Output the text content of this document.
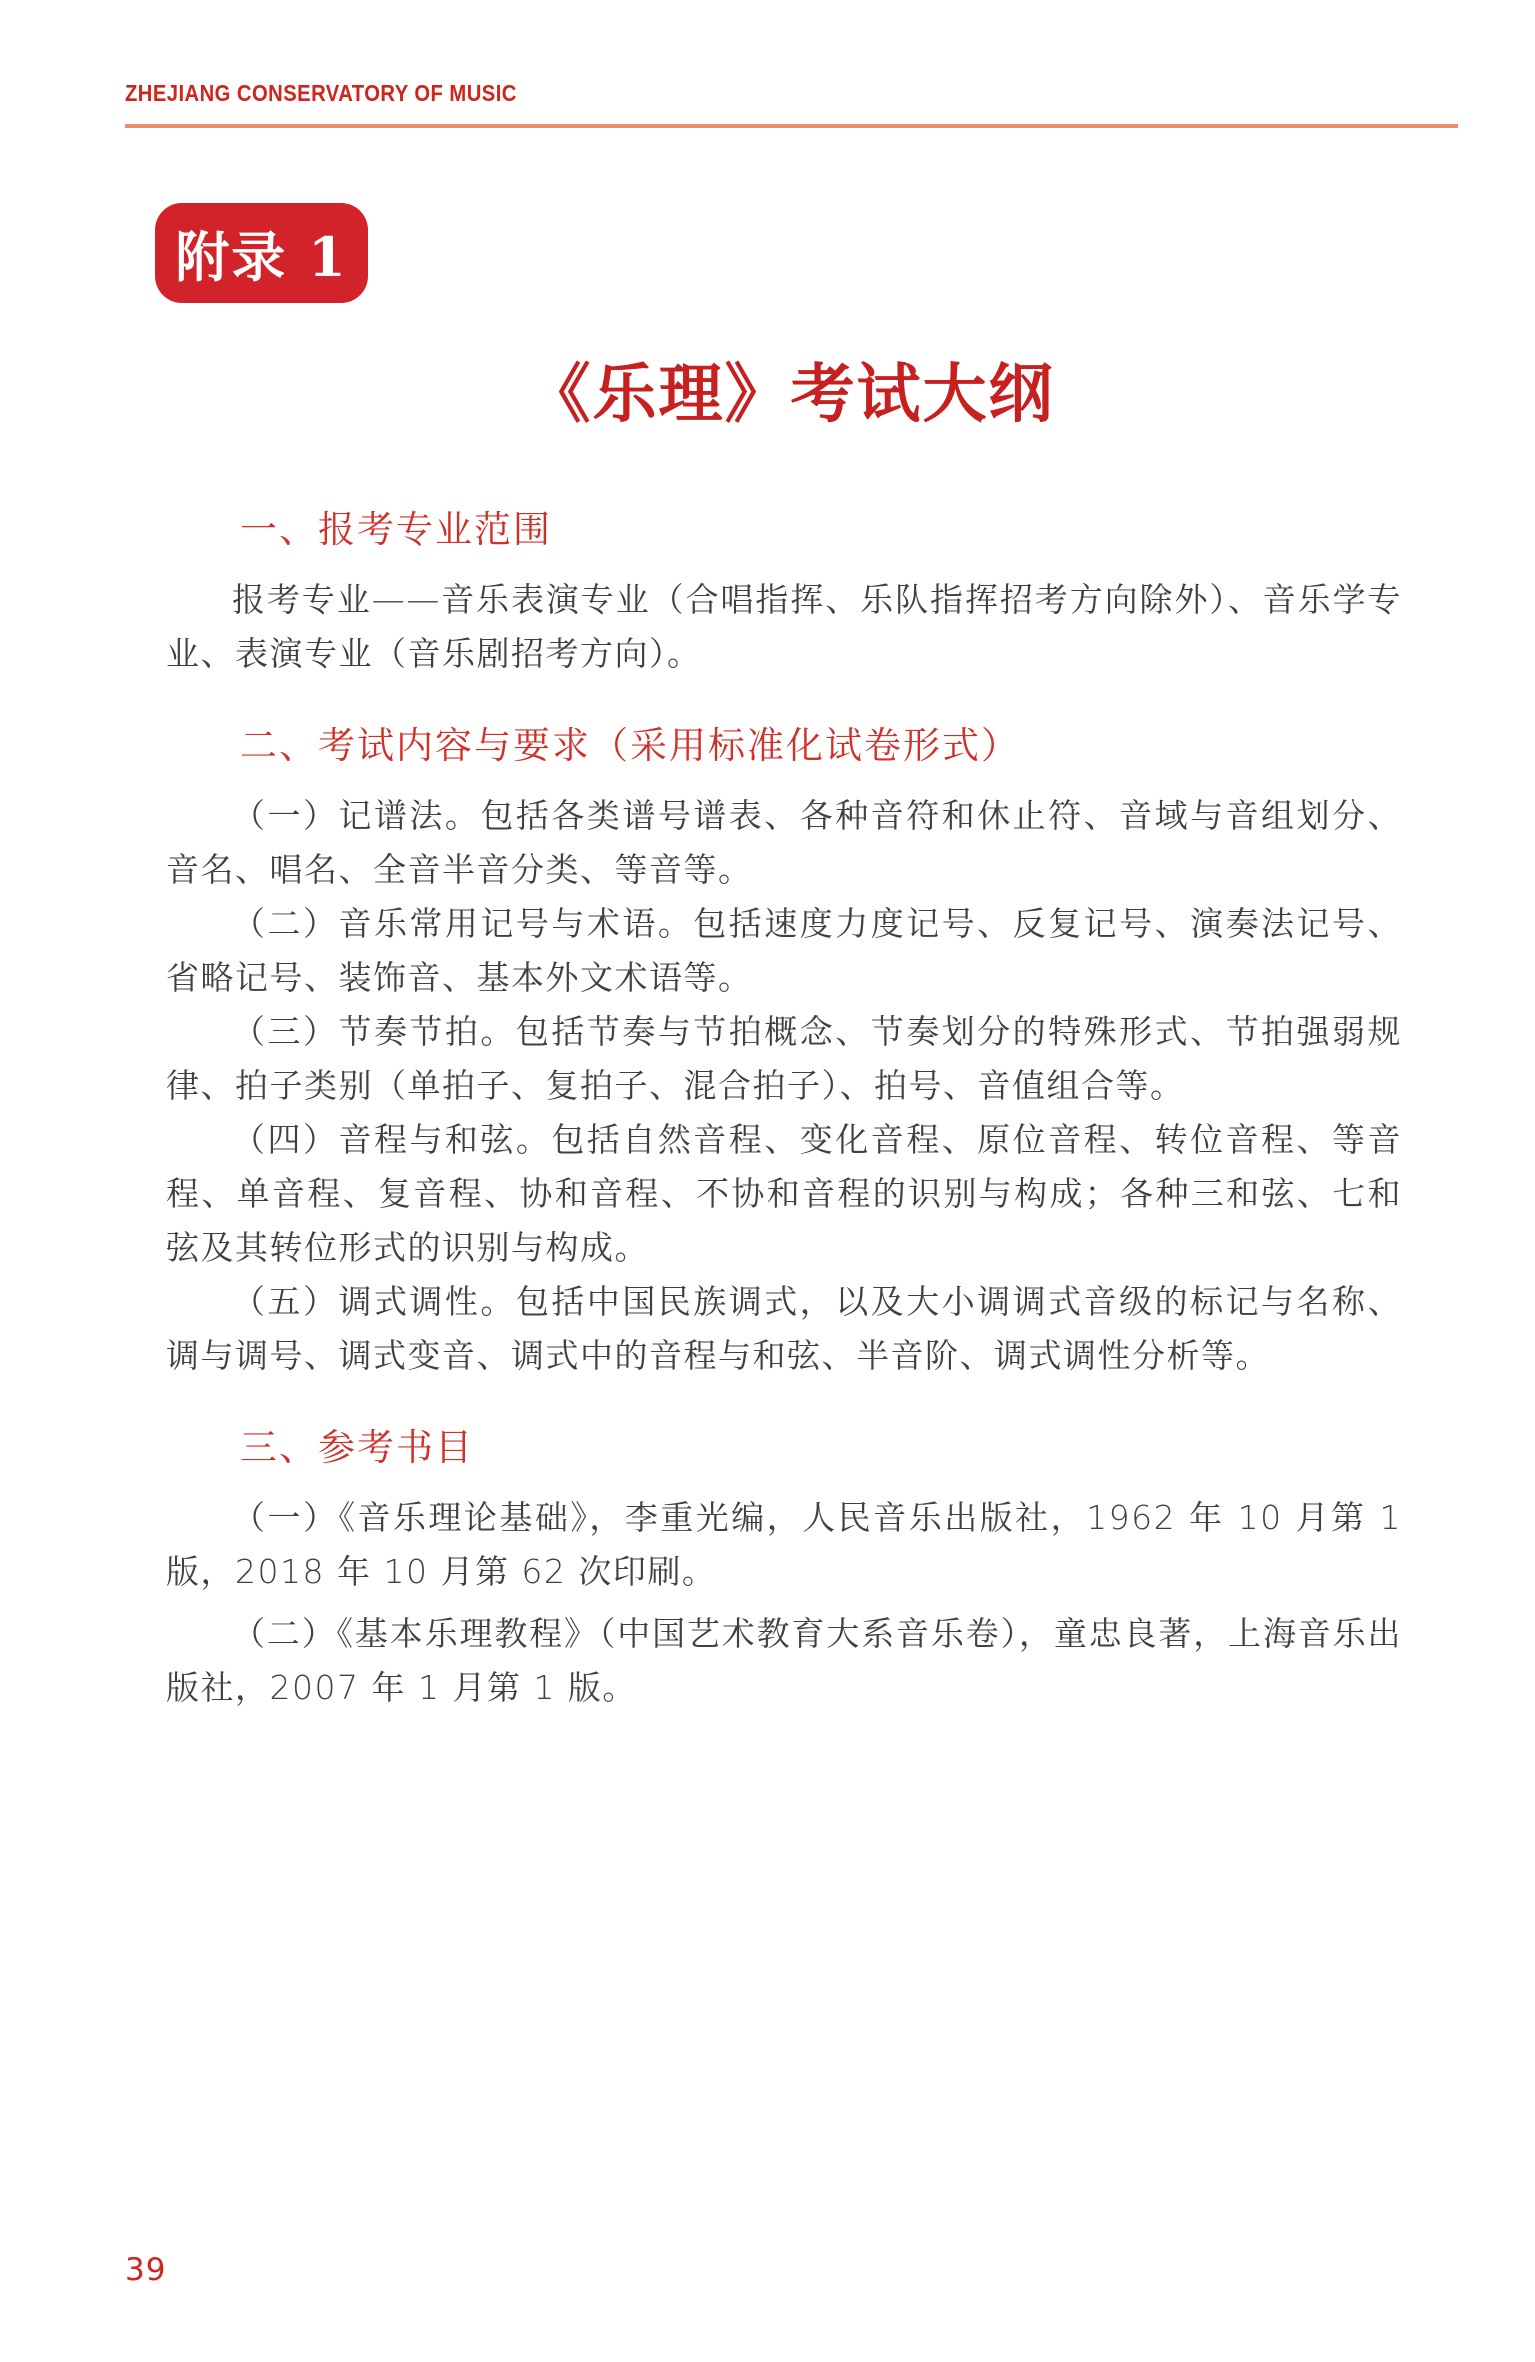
ZHEJIANG CONSERVATORY OF MUSIC
附录 1
《乐理》考试大纲
一、报考专业范围

报考专业——音乐表演专业（合唱指挥、乐队指挥招考方向除外）、音乐学专业、表演专业（音乐剧招考方向）。

二、考试内容与要求（采用标准化试卷形式）

（一）记谱法。包括各类谱号谱表、各种音符和休止符、音域与音组划分、音名、唱名、全音半音分类、等音等。

（二）音乐常用记号与术语。包括速度力度记号、反复记号、演奏法记号、省略记号、装饰音、基本外文术语等。

（三）节奏节拍。包括节奏与节拍概念、节奏划分的特殊形式、节拍强弱规律、拍子类别（单拍子、复拍子、混合拍子）、拍号、音值组合等。

（四）音程与和弦。包括自然音程、变化音程、原位音程、转位音程、等音程、单音程、复音程、协和音程、不协和音程的识别与构成；各种三和弦、七和弦及其转位形式的识别与构成。

（五）调式调性。包括中国民族调式，以及大小调调式音级的标记与名称、调与调号、调式变音、调式中的音程与和弦、半音阶、调式调性分析等。

三、参考书目

（一）《音乐理论基础》，李重光编，人民音乐出版社，1962 年 10 月第 1 版，2018 年 10 月第 62 次印刷。

（二）《基本乐理教程》（中国艺术教育大系音乐卷），童忠良著，上海音乐出版社，2007 年 1 月第 1 版。

39
